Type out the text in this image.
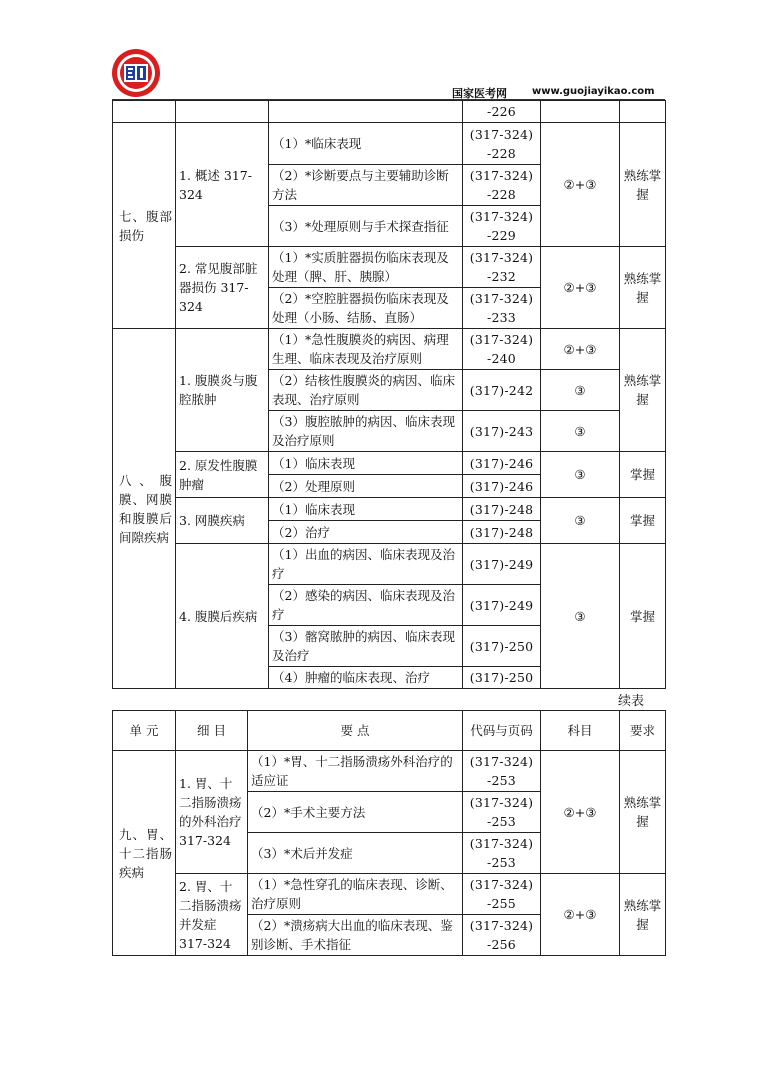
国家医考网	www.guojiayikao.com
			-226		
七、腹部损伤	1. 概述 317-324	（1）*临床表现	(317-324) -228	②+③	熟练掌握
		（2）*诊断要点与主要辅助诊断方法	(317-324) -228		
		（3）*处理原则与手术探查指征	(317-324) -229		
	2. 常见腹部脏器损伤 317-324	（1）*实质脏器损伤临床表现及处理（脾、肝、胰腺）	(317-324) -232	②+③	熟练掌握
		（2）*空腔脏器损伤临床表现及处理（小肠、结肠、直肠）	(317-324) -233		
八、腹膜、网膜和腹膜后间隙疾病	1. 腹膜炎与腹腔脓肿	（1）*急性腹膜炎的病因、病理生理、临床表现及治疗原则	(317-324) -240	②+③	熟练掌握
		（2）结核性腹膜炎的病因、临床表现、治疗原则	(317)-242	③	
		（3）腹腔脓肿的病因、临床表现及治疗原则	(317)-243	③	
	2. 原发性腹膜肿瘤	（1）临床表现	(317)-246	③	掌握
		（2）处理原则	(317)-246		
	3. 网膜疾病	（1）临床表现	(317)-248	③	掌握
		（2）治疗	(317)-248		
	4. 腹膜后疾病	（1）出血的病因、临床表现及治疗	(317)-249	③	掌握
		（2）感染的病因、临床表现及治疗	(317)-249		
		（3）髂窝脓肿的病因、临床表现及治疗	(317)-250		
		（4）肿瘤的临床表现、治疗	(317)-250		
续表
单 元	细 目	要 点	代码与页码	科目	要求
九、胃、十二指肠疾病	1. 胃、十二指肠溃疡的外科治疗 317-324	（1）*胃、十二指肠溃疡外科治疗的适应证	(317-324) -253	②+③	熟练掌握
		（2）*手术主要方法	(317-324) -253		
		（3）*术后并发症	(317-324) -253		
	2. 胃、十二指肠溃疡并发症 317-324	（1）*急性穿孔的临床表现、诊断、治疗原则	(317-324) -255	②+③	熟练掌握
		（2）*溃疡病大出血的临床表现、鉴别诊断、手术指征	(317-324) -256		
